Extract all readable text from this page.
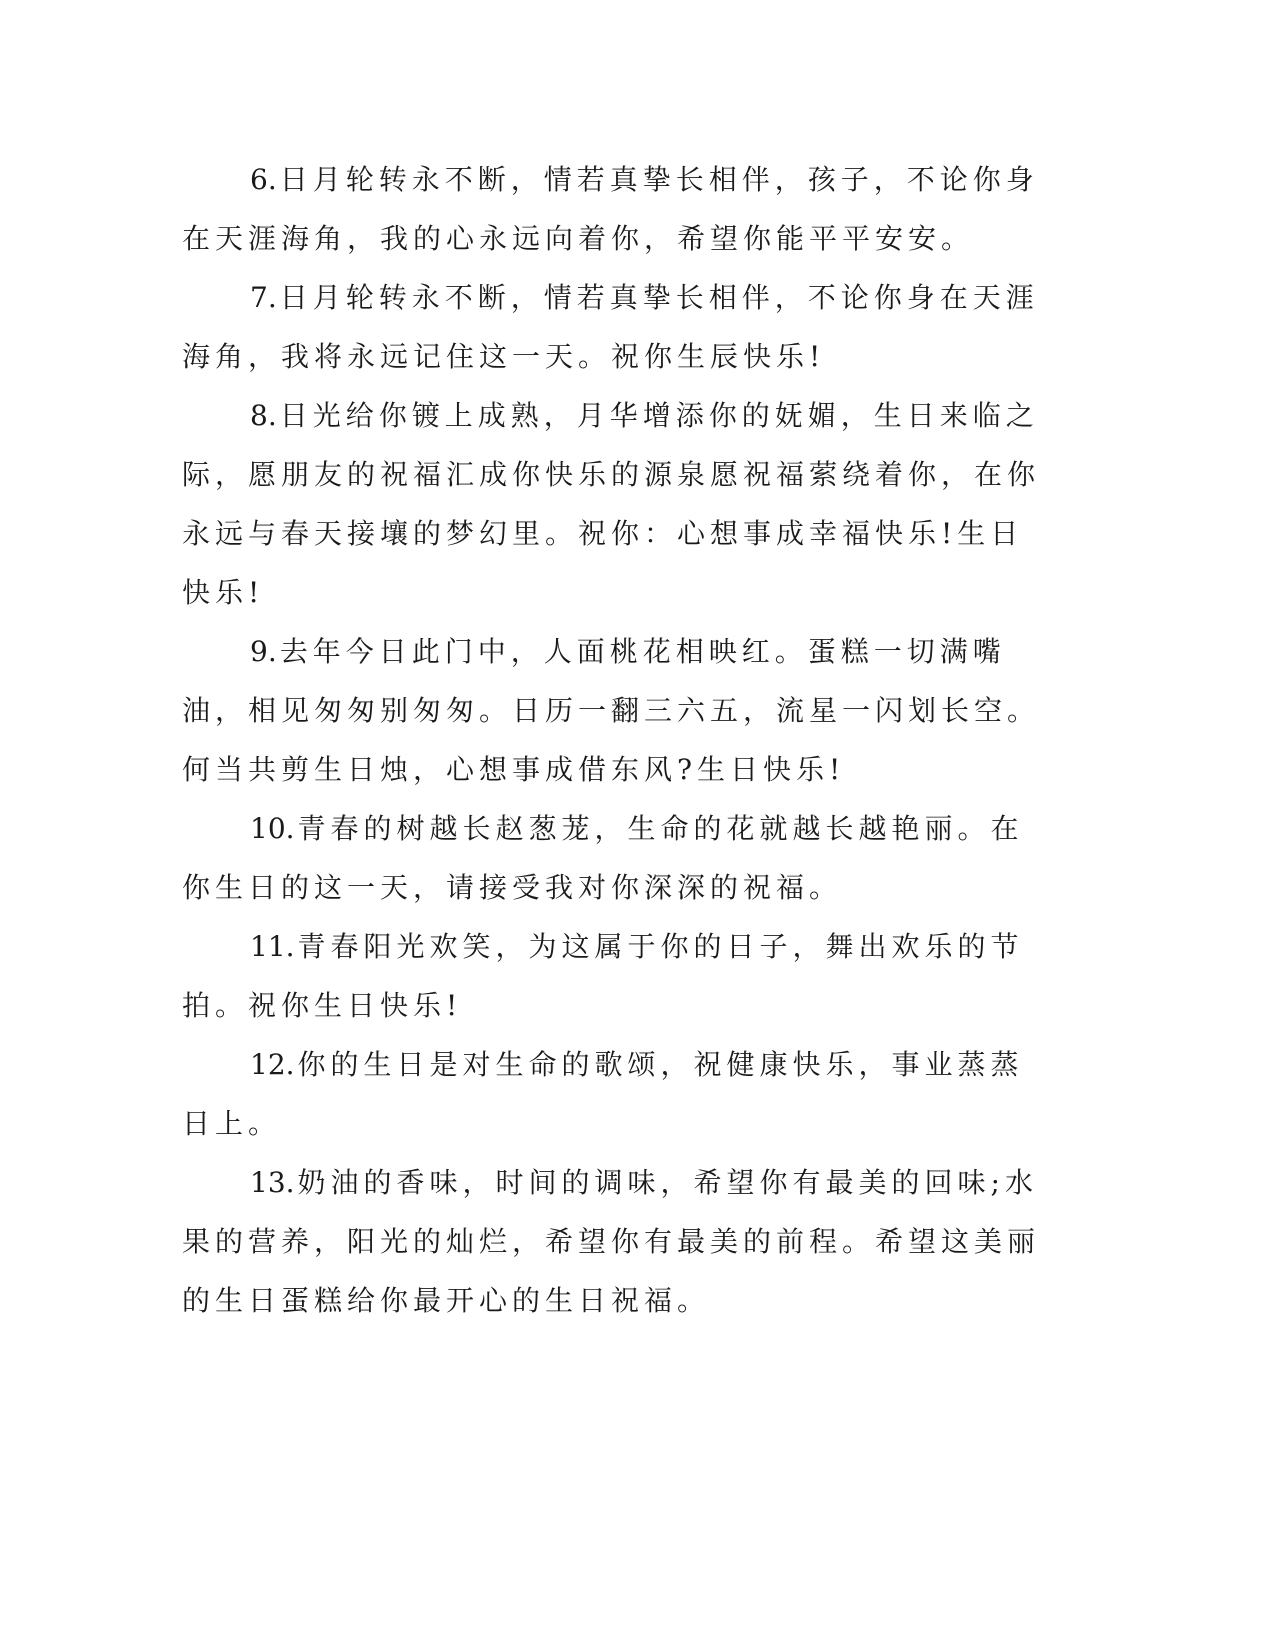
6. 日月轮转永不断，情若真挚长相伴，孩子，不论你身在天涯海角，我的心永远向着你，希望你能平平安安。

7. 日月轮转永不断，情若真挚长相伴，不论你身在天涯海角，我将永远记住这一天。祝你生辰快乐!

8. 日光给你镀上成熟，月华增添你的妩媚，生日来临之际，愿朋友的祝福汇成你快乐的源泉愿祝福萦绕着你，在你永远与春天接壤的梦幻里。祝你：心想事成幸福快乐!生日快乐!

9. 去年今日此门中，人面桃花相映红。蛋糕一切满嘴油，相见匆匆别匆匆。日历一翻三六五，流星一闪划长空。何当共剪生日烛，心想事成借东风?生日快乐!

10. 青春的树越长赵葱茏，生命的花就越长越艳丽。在你生日的这一天，请接受我对你深深的祝福。

11. 青春阳光欢笑，为这属于你的日子，舞出欢乐的节拍。祝你生日快乐!

12. 你的生日是对生命的歌颂，祝健康快乐，事业蒸蒸日上。

13. 奶油的香味，时间的调味，希望你有最美的回味;水果的营养，阳光的灿烂，希望你有最美的前程。希望这美丽的生日蛋糕给你最开心的生日祝福。
